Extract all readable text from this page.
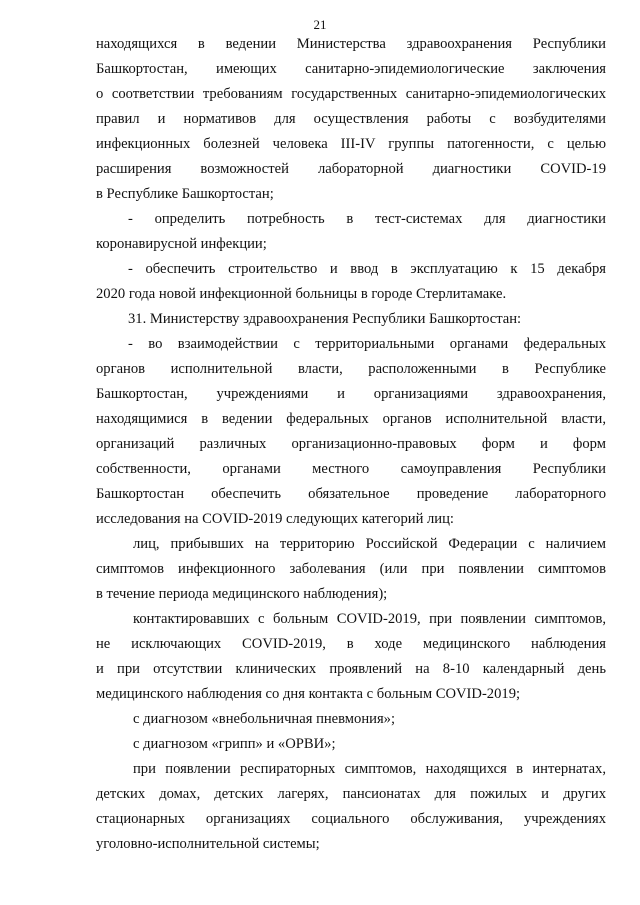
21
находящихся в ведении Министерства здравоохранения Республики
Башкортостан, имеющих санитарно-эпидемиологические заключения
о соответствии требованиям государственных санитарно-эпидемиологических
правил и нормативов для осуществления работы с возбудителями
инфекционных болезней человека III-IV группы патогенности, с целью
расширения возможностей лабораторной диагностики COVID-19
в Республике Башкортостан;
- определить потребность в тест-системах для диагностики
коронавирусной инфекции;
- обеспечить строительство и ввод в эксплуатацию к 15 декабря
2020 года новой инфекционной больницы в городе Стерлитамаке.
31. Министерству здравоохранения Республики Башкортостан:
- во взаимодействии с территориальными органами федеральных
органов исполнительной власти, расположенными в Республике
Башкортостан, учреждениями и организациями здравоохранения,
находящимися в ведении федеральных органов исполнительной власти,
организаций различных организационно-правовых форм и форм
собственности, органами местного самоуправления Республики
Башкортостан обеспечить обязательное проведение лабораторного
исследования на COVID-2019 следующих категорий лиц:
лиц, прибывших на территорию Российской Федерации с наличием
симптомов инфекционного заболевания (или при появлении симптомов
в течение периода медицинского наблюдения);
контактировавших с больным COVID-2019, при появлении симптомов,
не исключающих COVID-2019, в ходе медицинского наблюдения
и при отсутствии клинических проявлений на 8-10 календарный день
медицинского наблюдения со дня контакта с больным COVID-2019;
с диагнозом «внебольничная пневмония»;
с диагнозом «грипп» и «ОРВИ»;
при появлении респираторных симптомов, находящихся в интернатах,
детских домах, детских лагерях, пансионатах для пожилых и других
стационарных организациях социального обслуживания, учреждениях
уголовно-исполнительной системы;
